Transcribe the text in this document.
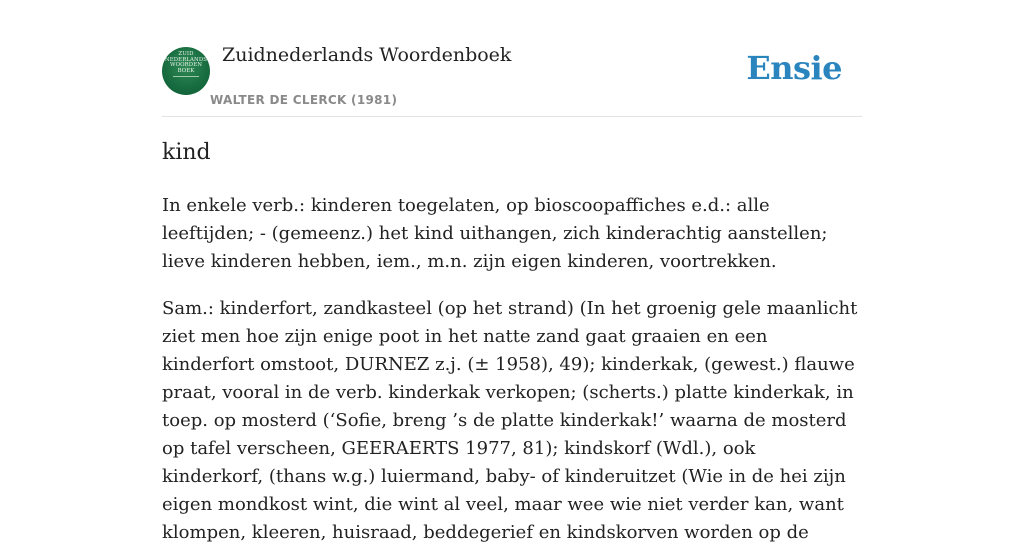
ZUID
NEDERLANDS
WOORDEN
BOEK
Zuidnederlands Woordenboek
WALTER DE CLERCK (1981)
Ensie
kind

In enkele verb.: kinderen toegelaten, op bioscoopaffiches e.d.: alle leeftijden; - (gemeenz.) het kind uithangen, zich kinderachtig aanstellen; lieve kinderen hebben, iem., m.n. zijn eigen kinderen, voortrekken.

Sam.: kinderfort, zandkasteel (op het strand) (In het groenig gele maanlicht ziet men hoe zijn enige poot in het natte zand gaat graaien en een kinderfort omstoot, DURNEZ z.j. (± 1958), 49); kinderkak, (gewest.) flauwe praat, vooral in de verb. kinderkak verkopen; (scherts.) platte kinderkak, in toep. op mosterd (‘Sofie, breng ’s de platte kinderkak!’ waarna de mosterd op tafel verscheen, GEERAERTS 1977, 81); kindskorf (Wdl.), ook kinderkorf, (thans w.g.) luiermand, baby- of kinderuitzet (Wie in de hei zijn eigen mondkost wint, die wint al veel, maar wee wie niet verder kan, want klompen, kleeren, huisraad, beddegerief en kindskorven worden op de
